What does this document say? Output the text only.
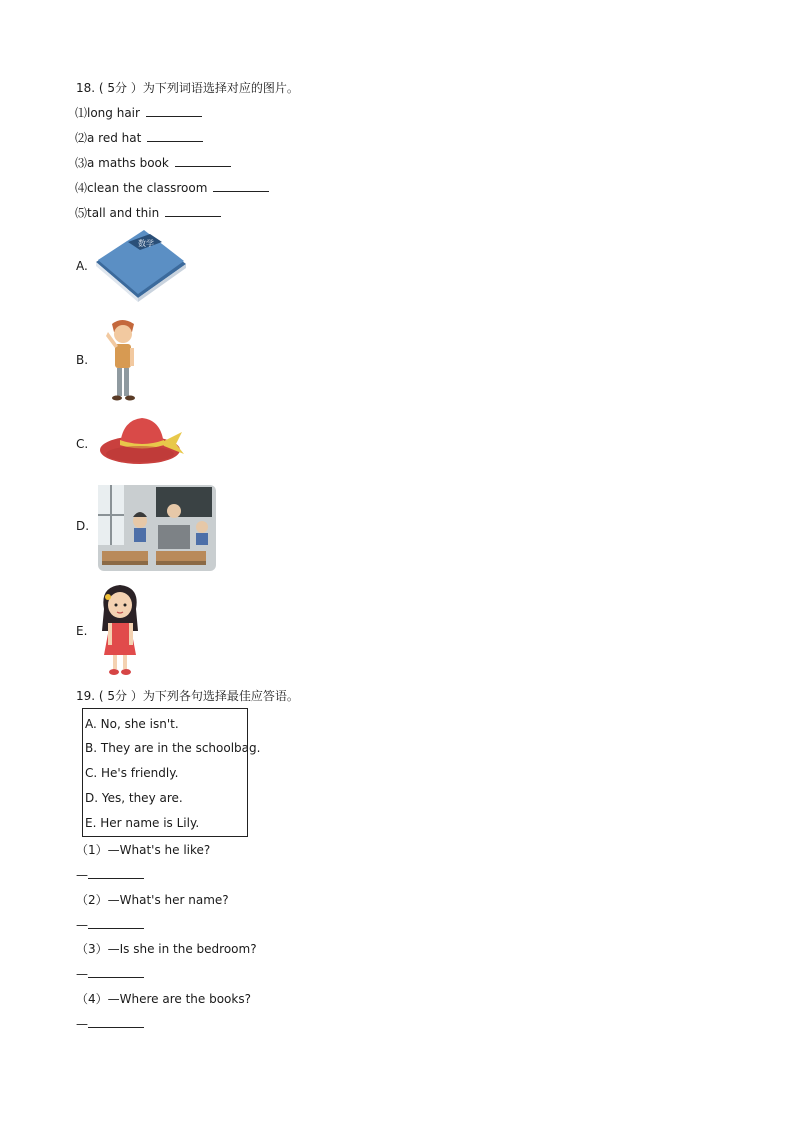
18. ( 5分 ）为下列词语选择对应的图片。
⑴long hair
⑵a red hat
⑶a maths book
⑷clean the classroom
⑸tall and thin
A.
数学
B.
C.
D.
E.
19. ( 5分 ）为下列各句选择最佳应答语。
A. No, she isn't.
B. They are in the schoolbag.
C. He's friendly.
D. Yes, they are.
E. Her name is Lily.
（1）—What's he like?
—
（2）—What's her name?
—
（3）—Is she in the bedroom?
—
（4）—Where are the books?
—
